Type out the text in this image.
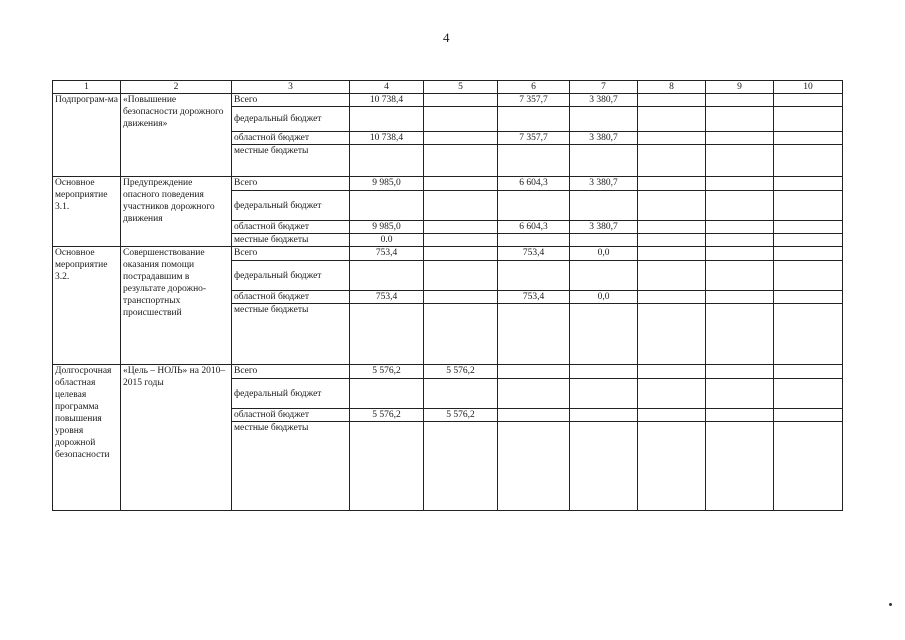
4
1	2	3	4	5	6	7	8	9	10
Подпрограм-ма	«Повышение безопасности дорожного движения»	Всего	10 738,4		7 357,7	3 380,7			
		федеральный бюджет							
		областной бюджет	10 738,4		7 357,7	3 380,7			
		местные бюджеты							
Основное мероприятие 3.1.	Предупреждение опасного поведения участников дорожного движения	Всего	9 985,0		6 604,3	3 380,7			
		федеральный бюджет							
		областной бюджет	9 985,0		6 604,3	3 380,7			
		местные бюджеты	0.0						
Основное мероприятие 3.2.	Совершенствование оказания помощи пострадавшим в результате дорожно-транспортных происшествий	Всего	753,4		753,4	0,0			
		федеральный бюджет							
		областной бюджет	753,4		753,4	0,0			
		местные бюджеты							
Долгосрочная областная целевая программа повышения уровня дорожной безопасности	«Цель – НОЛЬ» на 2010–2015 годы	Всего	5 576,2	5 576,2					
		федеральный бюджет							
		областной бюджет	5 576,2	5 576,2					
		местные бюджеты							
